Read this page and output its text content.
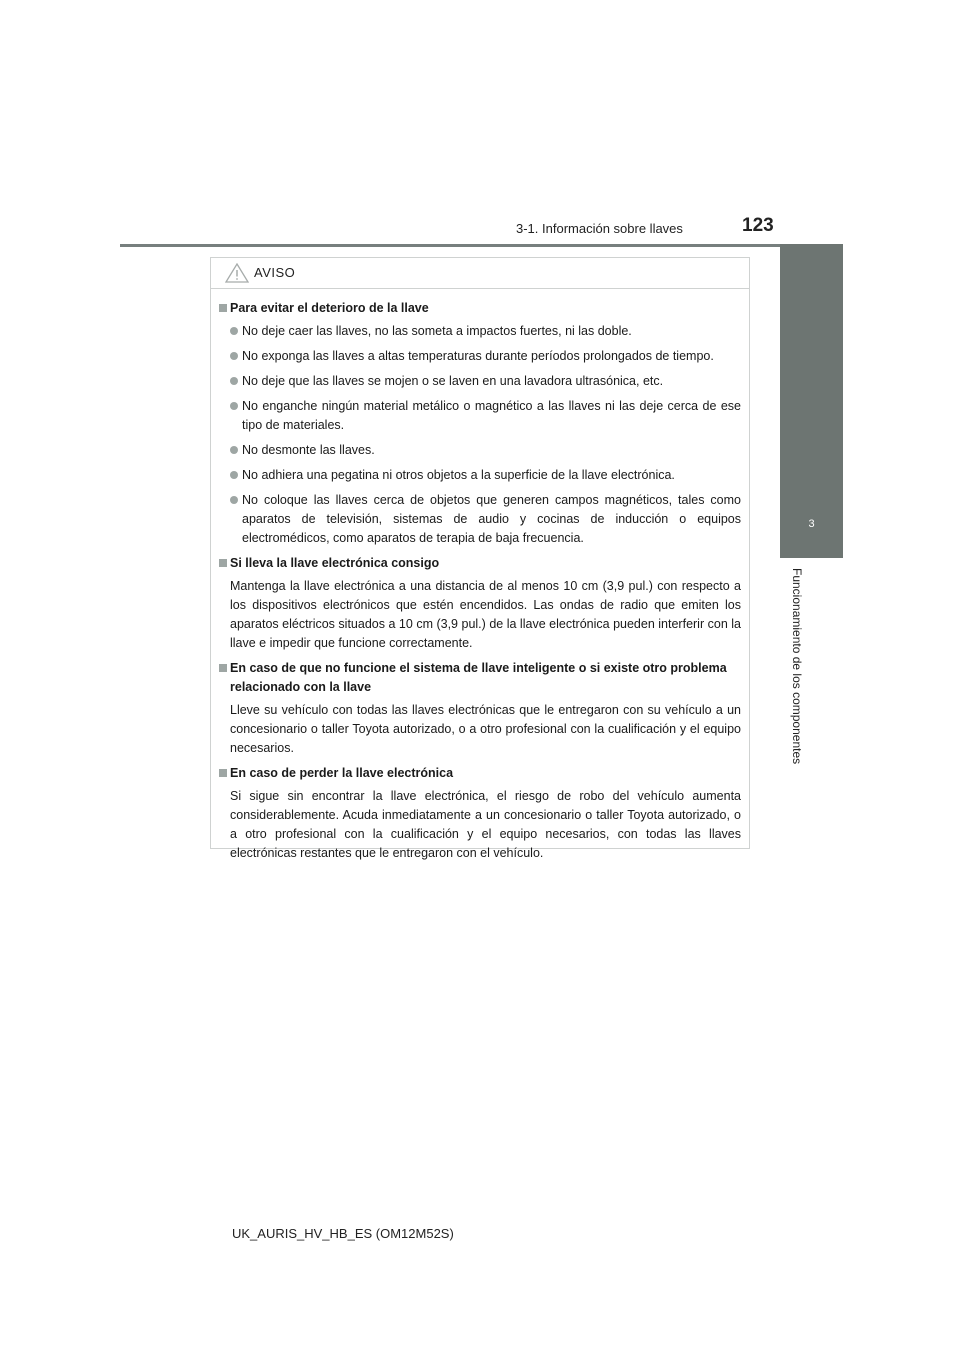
3-1. Información sobre llaves	123
3
Funcionamiento de los componentes
AVISO
Para evitar el deterioro de la llave
No deje caer las llaves, no las someta a impactos fuertes, ni las doble.
No exponga las llaves a altas temperaturas durante períodos prolongados de tiempo.
No deje que las llaves se mojen o se laven en una lavadora ultrasónica, etc.
No enganche ningún material metálico o magnético a las llaves ni las deje cerca de ese tipo de materiales.
No desmonte las llaves.
No adhiera una pegatina ni otros objetos a la superficie de la llave electrónica.
No coloque las llaves cerca de objetos que generen campos magnéticos, tales como aparatos de televisión, sistemas de audio y cocinas de inducción o equipos electromédicos, como aparatos de terapia de baja frecuencia.
Si lleva la llave electrónica consigo
Mantenga la llave electrónica a una distancia de al menos 10 cm (3,9 pul.) con respecto a los dispositivos electrónicos que estén encendidos. Las ondas de radio que emiten los aparatos eléctricos situados a 10 cm (3,9 pul.) de la llave electrónica pueden interferir con la llave e impedir que funcione correctamente.
En caso de que no funcione el sistema de llave inteligente o si existe otro problema relacionado con la llave
Lleve su vehículo con todas las llaves electrónicas que le entregaron con su vehículo a un concesionario o taller Toyota autorizado, o a otro profesional con la cualificación y el equipo necesarios.
En caso de perder la llave electrónica
Si sigue sin encontrar la llave electrónica, el riesgo de robo del vehículo aumenta considerablemente. Acuda inmediatamente a un concesionario o taller Toyota autorizado, o a otro profesional con la cualificación y el equipo necesarios, con todas las llaves electrónicas restantes que le entregaron con el vehículo.
UK_AURIS_HV_HB_ES (OM12M52S)
